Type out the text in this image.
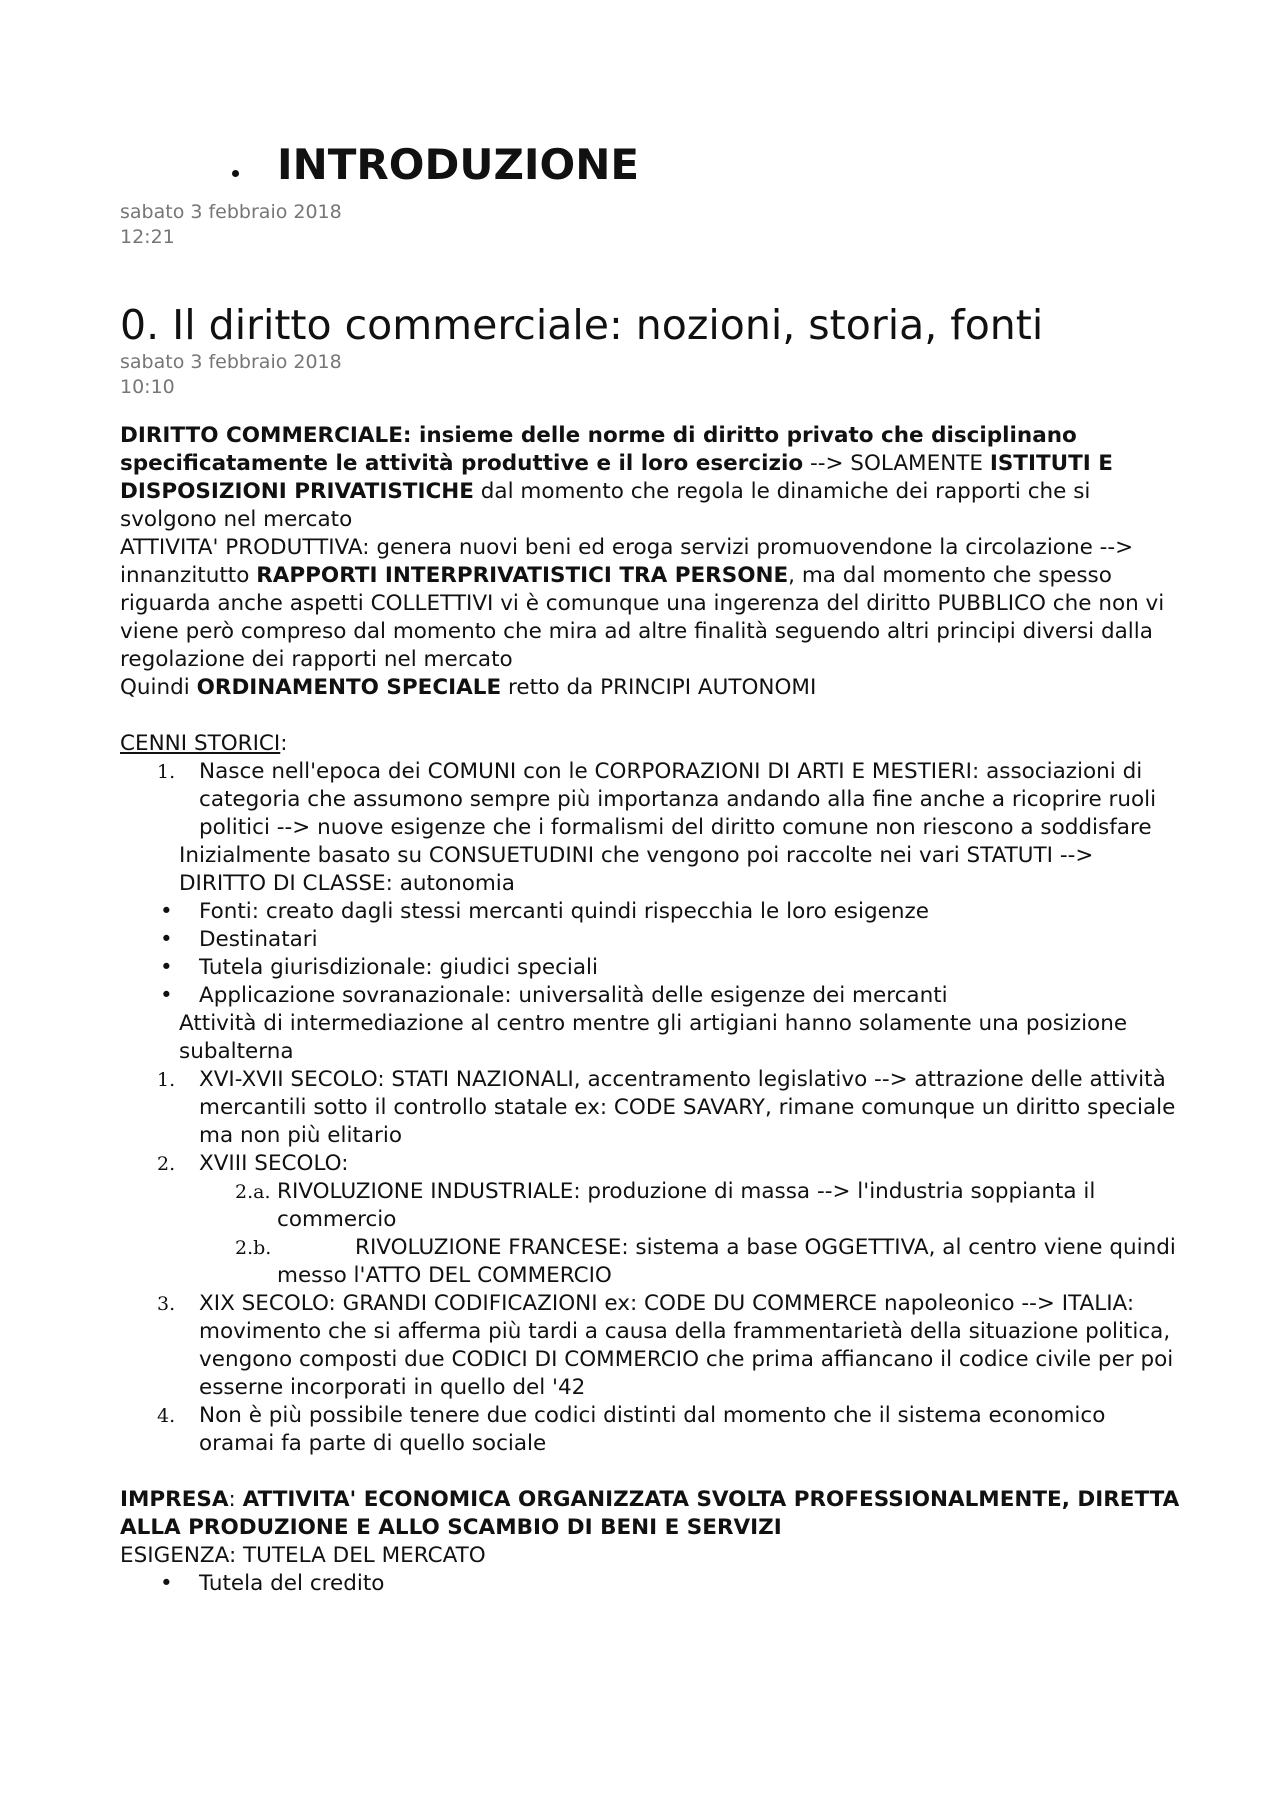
INTRODUZIONE
sabato 3 febbraio 2018
12:21
0. Il diritto commerciale: nozioni, storia, fonti
sabato 3 febbraio 2018
10:10

DIRITTO COMMERCIALE: insieme delle norme di diritto privato che disciplinano specificatamente le attività produttive e il loro esercizio --> SOLAMENTE ISTITUTI E DISPOSIZIONI PRIVATISTICHE dal momento che regola le dinamiche dei rapporti che si svolgono nel mercato

ATTIVITA' PRODUTTIVA: genera nuovi beni ed eroga servizi promuovendone la circolazione --> innanzitutto RAPPORTI INTERPRIVATISTICI TRA PERSONE, ma dal momento che spesso riguarda anche aspetti COLLETTIVI vi è comunque una ingerenza del diritto PUBBLICO che non vi viene però compreso dal momento che mira ad altre finalità seguendo altri principi diversi dalla regolazione dei rapporti nel mercato

Quindi ORDINAMENTO SPECIALE retto da PRINCIPI AUTONOMI

CENNI STORICI:

1. Nasce nell'epoca dei COMUNI con le CORPORAZIONI DI ARTI E MESTIERI: associazioni di categoria che assumono sempre più importanza andando alla fine anche a ricoprire ruoli politici --> nuove esigenze che i formalismi del diritto comune non riescono a soddisfare

Inizialmente basato su CONSUETUDINI che vengono poi raccolte nei vari STATUTI --> DIRITTO DI CLASSE: autonomia

• Fonti: creato dagli stessi mercanti quindi rispecchia le loro esigenze
• Destinatari
• Tutela giurisdizionale: giudici speciali
• Applicazione sovranazionale: universalità delle esigenze dei mercanti

Attività di intermediazione al centro mentre gli artigiani hanno solamente una posizione subalterna

1. XVI-XVII SECOLO: STATI NAZIONALI, accentramento legislativo --> attrazione delle attività mercantili sotto il controllo statale ex: CODE SAVARY, rimane comunque un diritto speciale ma non più elitario
2. XVIII SECOLO:
2.a. RIVOLUZIONE INDUSTRIALE: produzione di massa --> l'industria soppianta il commercio
2.b.	RIVOLUZIONE FRANCESE: sistema a base OGGETTIVA, al centro viene quindi messo l'ATTO DEL COMMERCIO
3. XIX SECOLO: GRANDI CODIFICAZIONI ex: CODE DU COMMERCE napoleonico --> ITALIA: movimento che si afferma più tardi a causa della frammentarietà della situazione politica, vengono composti due CODICI DI COMMERCIO che prima affiancano il codice civile per poi esserne incorporati in quello del '42
4. Non è più possibile tenere due codici distinti dal momento che il sistema economico oramai fa parte di quello sociale

IMPRESA: ATTIVITA' ECONOMICA ORGANIZZATA SVOLTA PROFESSIONALMENTE, DIRETTA ALLA PRODUZIONE E ALLO SCAMBIO DI BENI E SERVIZI

ESIGENZA: TUTELA DEL MERCATO

• Tutela del credito
